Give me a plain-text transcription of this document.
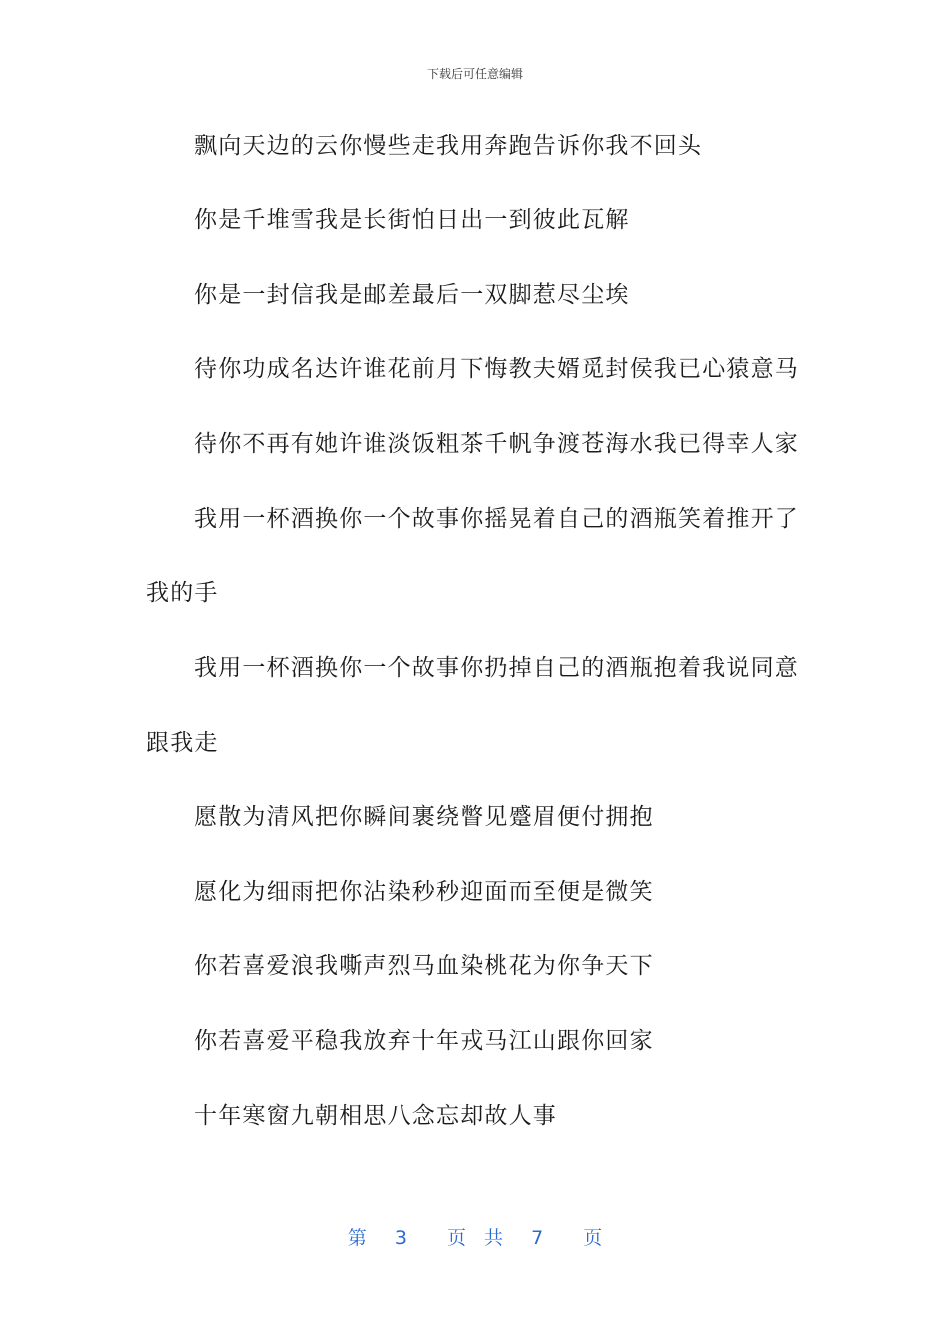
下载后可任意编辑
飘向天边的云你慢些走我用奔跑告诉你我不回头
你是千堆雪我是长街怕日出一到彼此瓦解
你是一封信我是邮差最后一双脚惹尽尘埃
待你功成名达许谁花前月下悔教夫婿觅封侯我已心猿意马
待你不再有她许谁淡饭粗茶千帆争渡苍海水我已得幸人家
我用一杯酒换你一个故事你摇晃着自己的酒瓶笑着推开了
我的手
我用一杯酒换你一个故事你扔掉自己的酒瓶抱着我说同意
跟我走
愿散为清风把你瞬间裹绕瞥见蹙眉便付拥抱
愿化为细雨把你沾染秒秒迎面而至便是微笑
你若喜爱浪我嘶声烈马血染桃花为你争天下
你若喜爱平稳我放弃十年戎马江山跟你回家
十年寒窗九朝相思八念忘却故人事
第 3 页 共 7 页
